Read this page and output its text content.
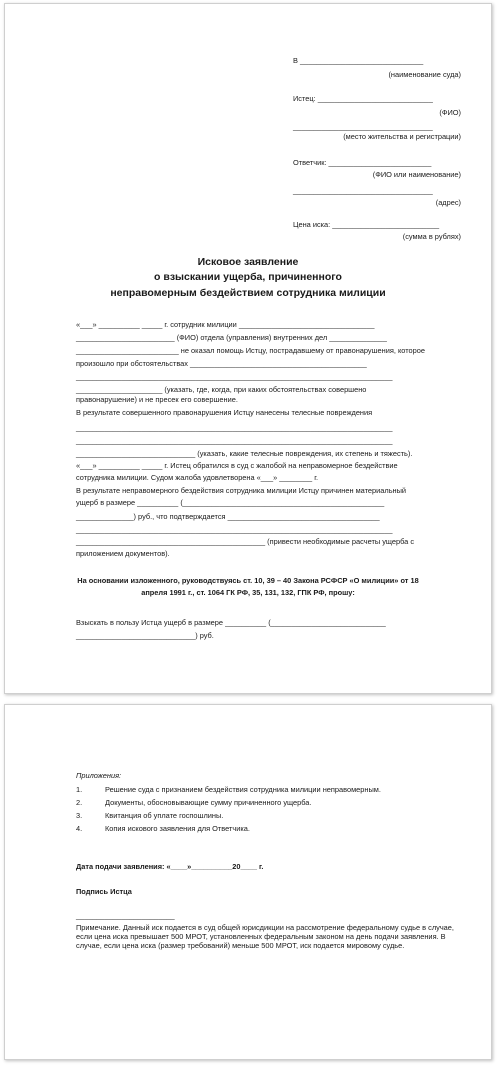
В ______________________________
(наименование суда)
Истец: ____________________________
(ФИО)
__________________________________
(место жительства и регистрации)
Ответчик: _________________________
(ФИО или наименование)
__________________________________
(адрес)
Цена иска: __________________________
(сумма в рублях)
Исковое заявление
о взыскании ущерба, причиненного
неправомерным бездействием сотрудника милиции
«___» __________ _____ г. сотрудник милиции _________________________________
________________________ (ФИО) отдела (управления) внутренних дел ______________
_________________________ не оказал помощь Истцу, пострадавшему от правонарушения, которое
произошло при обстоятельствах ___________________________________________
_____________________________________________________________________________
_____________________ (указать, где, когда, при каких обстоятельствах совершено
правонарушение) и не пресек его совершение.
В результате совершенного правонарушения Истцу нанесены телесные повреждения
_____________________________________________________________________________
_____________________________________________________________________________
_____________________________ (указать, какие телесные повреждения, их степень и тяжесть).
«___» __________ _____ г. Истец обратился в суд с жалобой на неправомерное бездействие
сотрудника милиции. Судом жалоба удовлетворена «___» ________ г.
В результате неправомерного бездействия сотрудника милиции Истцу причинен материальный
ущерб в размере __________ (_________________________________________________
______________) руб., что подтверждается _____________________________________
_____________________________________________________________________________
______________________________________________ (привести необходимые расчеты ущерба с
приложением документов).
На основании изложенного, руководствуясь ст. 10, 39 – 40 Закона РСФСР «О милиции» от 18
апреля 1991 г., ст. 1064 ГК РФ, 35, 131, 132, ГПК РФ, прошу:
Взыскать в пользу Истца ущерб в размере __________ (____________________________
_____________________________) руб.
Приложения:
1.	Решение суда с признанием бездействия сотрудника милиции неправомерным.
2.	Документы, обосновывающие сумму причиненного ущерба.
3.	Квитанция об уплате госпошлины.
4.	Копия искового заявления для Ответчика.
Дата подачи заявления: «____»__________20____ г.
Подпись Истца
________________________
Примечание. Данный иск подается в суд общей юрисдикции на рассмотрение федеральному судье в случае, если цена иска превышает 500 МРОТ, установленных федеральным законом на день подачи заявления. В случае, если цена иска (размер требований) меньше 500 МРОТ, иск подается мировому судье.
